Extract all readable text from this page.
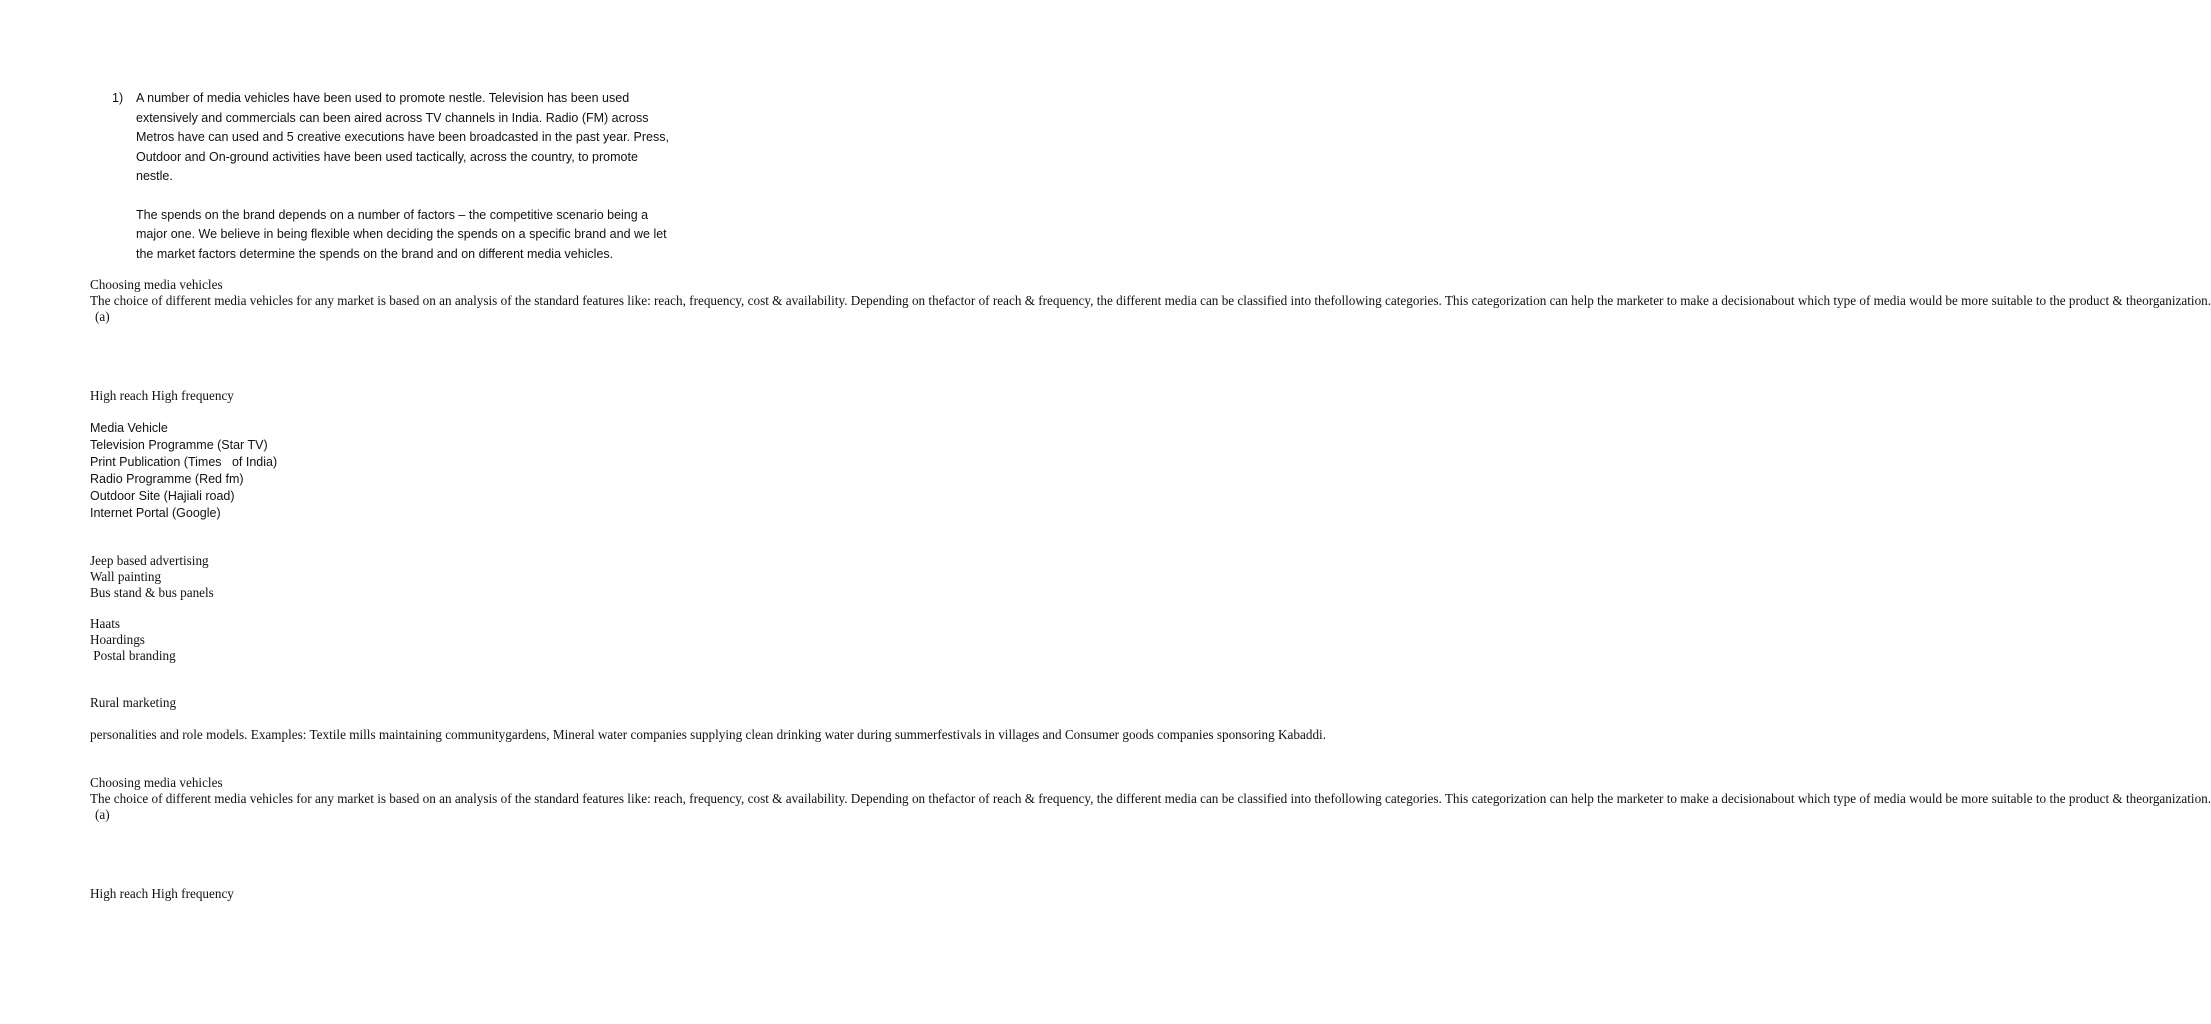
1) A number of media vehicles have been used to promote nestle. Television has been used extensively and commercials can been aired across TV channels in India. Radio (FM) across Metros have can used and 5 creative executions have been broadcasted in the past year. Press, Outdoor and On-ground activities have been used tactically, across the country, to promote nestle.

The spends on the brand depends on a number of factors – the competitive scenario being a major one. We believe in being flexible when deciding the spends on a specific brand and we let the market factors determine the spends on the brand and on different media vehicles.

Choosing media vehicles
The choice of different media vehicles for any market is based on an analysis of the standard features like: reach, frequency, cost & availability. Depending on thefactor of reach & frequency, the different media can be classified into thefollowing categories. This categorization can help the marketer to make a decisionabout which type of media would be more suitable to the product & theorganization.
(a)
High reach High frequency
Media Vehicle
Television Programme (Star TV)
Print Publication (Times   of India)
Radio Programme (Red fm)
Outdoor Site (Hajiali road)
Internet Portal (Google)
Jeep based advertising
Wall painting
Bus stand & bus panels
Haats
Hoardings
Postal branding
Rural marketing
personalities and role models. Examples: Textile mills maintaining communitygardens, Mineral water companies supplying clean drinking water during summerfestivals in villages and Consumer goods companies sponsoring Kabaddi.
Choosing media vehicles
The choice of different media vehicles for any market is based on an analysis of the standard features like: reach, frequency, cost & availability. Depending on thefactor of reach & frequency, the different media can be classified into thefollowing categories. This categorization can help the marketer to make a decisionabout which type of media would be more suitable to the product & theorganization.
(a)
High reach High frequency
